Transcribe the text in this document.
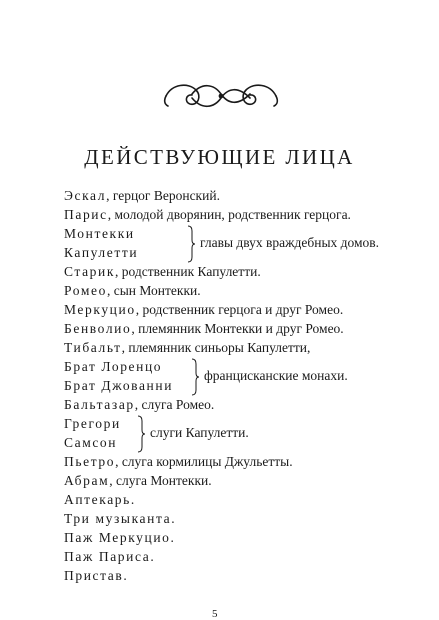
ДЕЙСТВУЮЩИЕ ЛИЦА
Эскал, герцог Веронский.
Парис, молодой дворянин, родственник герцога.
Монтекки
Капулетти
главы двух враждебных домов.
Старик, родственник Капулетти.
Ромео, сын Монтекки.
Меркуцио, родственник герцога и друг Ромео.
Бенволио, племянник Монтекки и друг Ромео.
Тибальт, племянник синьоры Капулетти,
Брат Лоренцо
Брат Джованни
францисканские монахи.
Бальтазар, слуга Ромео.
Грегори
Самсон
слуги Капулетти.
Пьетро, слуга кормилицы Джульетты.
Абрам, слуга Монтекки.
Аптекарь.
Три музыканта.
Паж Меркуцио.
Паж Париса.
Пристав.
5
